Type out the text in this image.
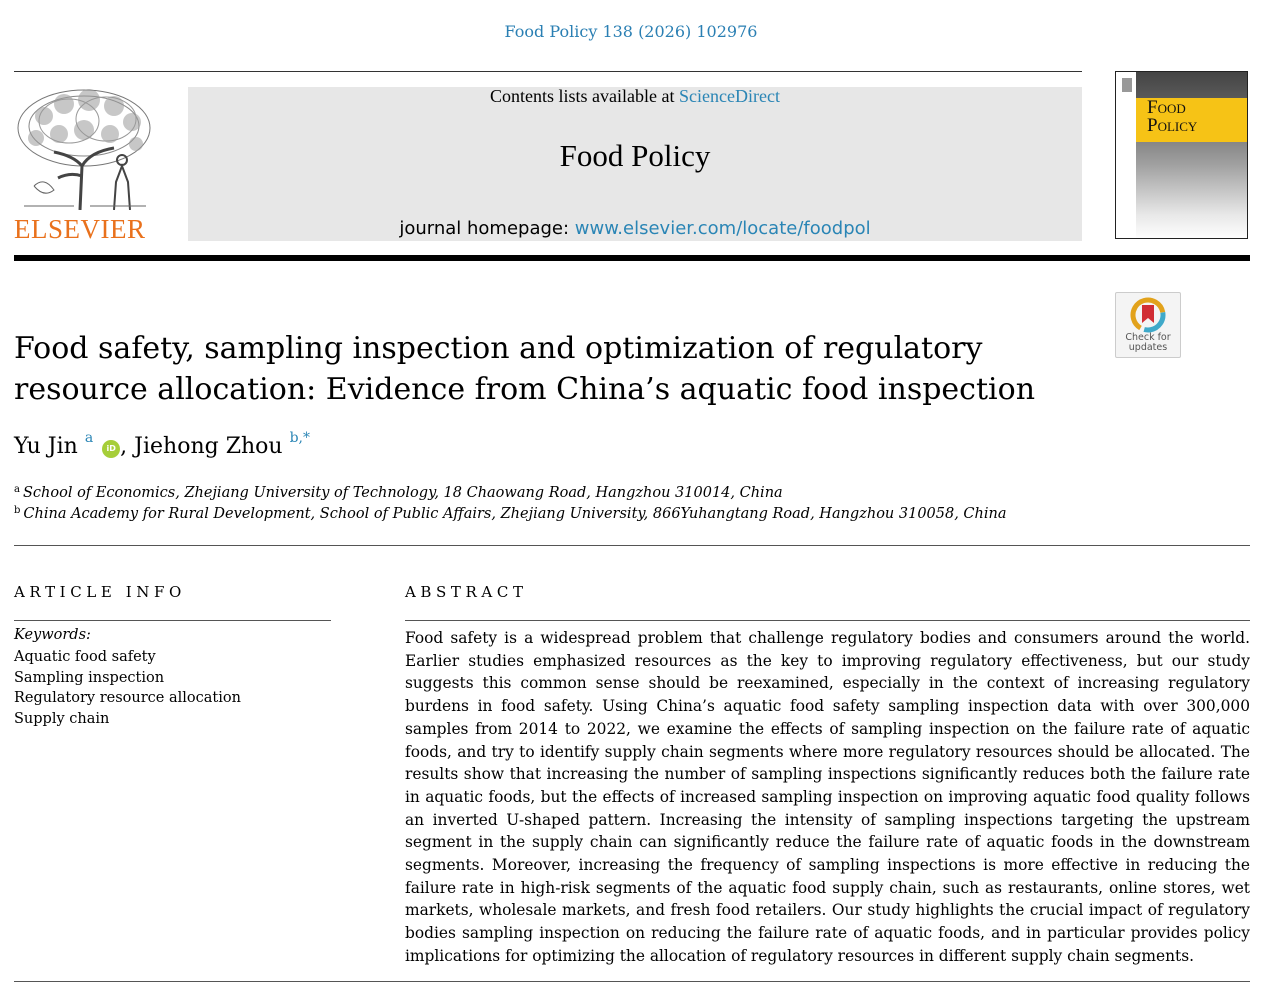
Food Policy 138 (2026) 102976
ELSEVIER
Contents lists available at ScienceDirect
Food Policy
journal homepage: www.elsevier.com/locate/foodpol
Food
Policy
Check for
updates
Food safety, sampling inspection and optimization of regulatory resource allocation: Evidence from China’s aquatic food inspection
Yu Jin $^a$ iD , Jiehong Zhou $^{b,*}$
$^a$ School of Economics, Zhejiang University of Technology, 18 Chaowang Road, Hangzhou 310014, China
$^b$ China Academy for Rural Development, School of Public Affairs, Zhejiang University, 866Yuhangtang Road, Hangzhou 310058, China
ARTICLE INFO	ABSTRACT
Keywords:
Aquatic food safety
Sampling inspection
Regulatory resource allocation
Supply chain

Food safety is a widespread problem that challenge regulatory bodies and consumers around the world. Earlier studies emphasized resources as the key to improving regulatory effectiveness, but our study suggests this common sense should be reexamined, especially in the context of increasing regulatory burdens in food safety. Using China’s aquatic food safety sampling inspection data with over 300,000 samples from 2014 to 2022, we examine the effects of sampling inspection on the failure rate of aquatic foods, and try to identify supply chain segments where more regulatory resources should be allocated. The results show that increasing the number of sampling inspections significantly reduces both the failure rate in aquatic foods, but the effects of increased sampling inspection on improving aquatic food quality follows an inverted U-shaped pattern. Increasing the intensity of sampling inspections targeting the upstream segment in the supply chain can significantly reduce the failure rate of aquatic foods in the downstream segments. Moreover, increasing the frequency of sampling inspections is more effective in reducing the failure rate in high-risk segments of the aquatic food supply chain, such as restaurants, online stores, wet markets, wholesale markets, and fresh food retailers. Our study highlights the crucial impact of regulatory bodies sampling inspection on reducing the failure rate of aquatic foods, and in particular provides policy implications for optimizing the allocation of regulatory resources in different supply chain segments.
